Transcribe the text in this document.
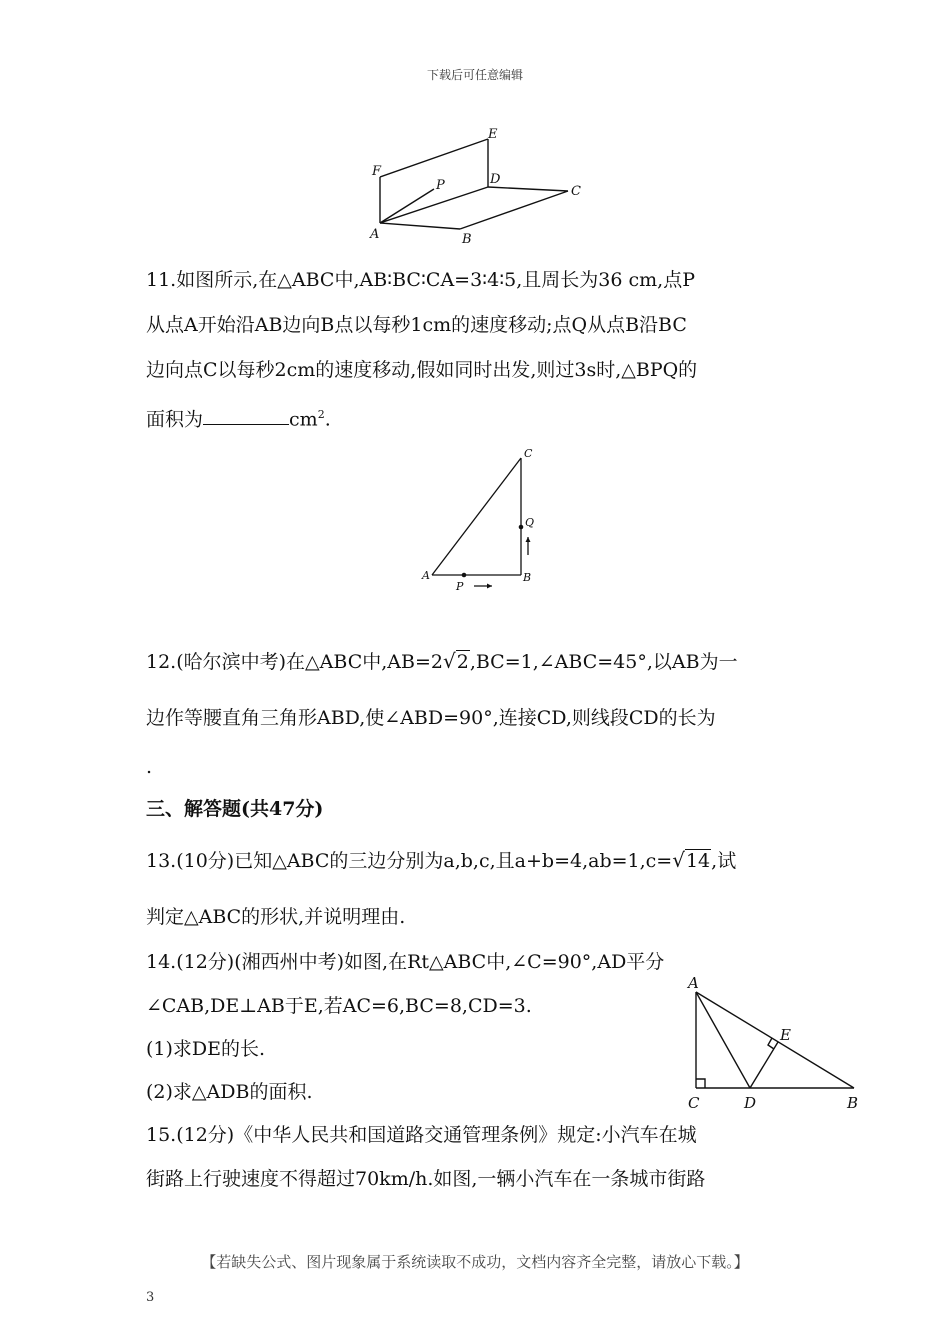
下载后可任意编辑
E
F
P	D
C
A	B
11.如图所示,在△ABC中,AB∶BC∶CA=3∶4∶5,且周长为36 cm,点P
从点A开始沿AB边向B点以每秒1cm的速度移动;点Q从点B沿BC
边向点C以每秒2cm的速度移动,假如同时出发,则过3s时,△BPQ的
面积为	$cm^2$.
C
Q
A	B
P
12.(哈尔滨中考)在△ABC中,AB=2√2,BC=1,∠ABC=45°,以AB为一
边作等腰直角三角形ABD,使∠ABD=90°,连接CD,则线段CD的长为
.
三、解答题(共47分)
13.(10分)已知△ABC的三边分别为a,b,c,且a+b=4,ab=1,c=√14,试
判定△ABC的形状,并说明理由.
14.(12分)(湘西州中考)如图,在Rt△ABC中,∠C=90°,AD平分
∠CAB,DE⊥AB于E,若AC=6,BC=8,CD=3.
(1)求DE的长.
(2)求△ADB的面积.
A
E
C	D	B
15.(12分)《中华人民共和国道路交通管理条例》规定:小汽车在城
街路上行驶速度不得超过70km/h.如图,一辆小汽车在一条城市街路
【若缺失公式、图片现象属于系统读取不成功，文档内容齐全完整，请放心下载。】
3
